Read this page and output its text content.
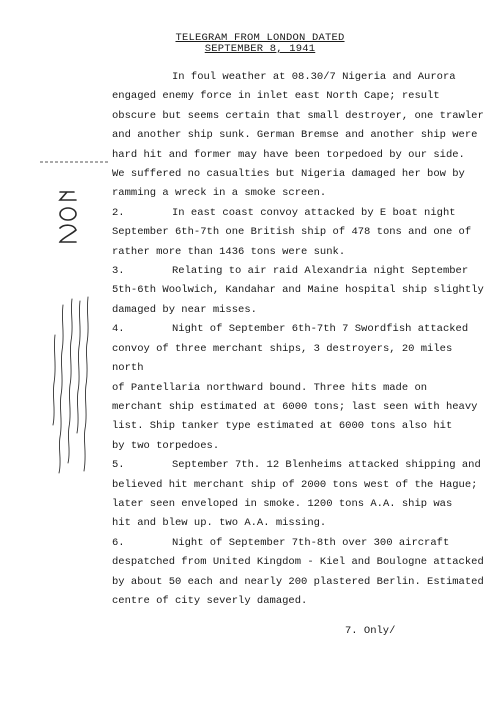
TELEGRAM FROM LONDON DATED
SEPTEMBER 8, 1941

In foul weather at 08.30/7 Nigeria and Aurora
engaged enemy force in inlet east North Cape; result
obscure but seems certain that small destroyer, one trawler
and another ship sunk. German Bremse and another ship were
hard hit and former may have been torpedoed by our side.
We suffered no casualties but Nigeria damaged her bow by
ramming a wreck in a smoke screen.

2.	In east coast convoy attacked by E boat night
September 6th-7th one British ship of 478 tons and one of
rather more than 1436 tons were sunk.

3.	Relating to air raid Alexandria night September
5th-6th Woolwich, Kandahar and Maine hospital ship slightly
damaged by near misses.

4.	Night of September 6th-7th 7 Swordfish attacked
convoy of three merchant ships, 3 destroyers, 20 miles north
of Pantellaria northward bound. Three hits made on
merchant ship estimated at 6000 tons; last seen with heavy
list. Ship tanker type estimated at 6000 tons also hit
by two torpedoes.

5.	September 7th. 12 Blenheims attacked shipping and
believed hit merchant ship of 2000 tons west of the Hague;
later seen enveloped in smoke. 1200 tons A.A. ship was
hit and blew up. two A.A. missing.

6.	Night of September 7th-8th over 300 aircraft
despatched from United Kingdom - Kiel and Boulogne attacked
by about 50 each and nearly 200 plastered Berlin. Estimated
centre of city severly damaged.

7. Only/
